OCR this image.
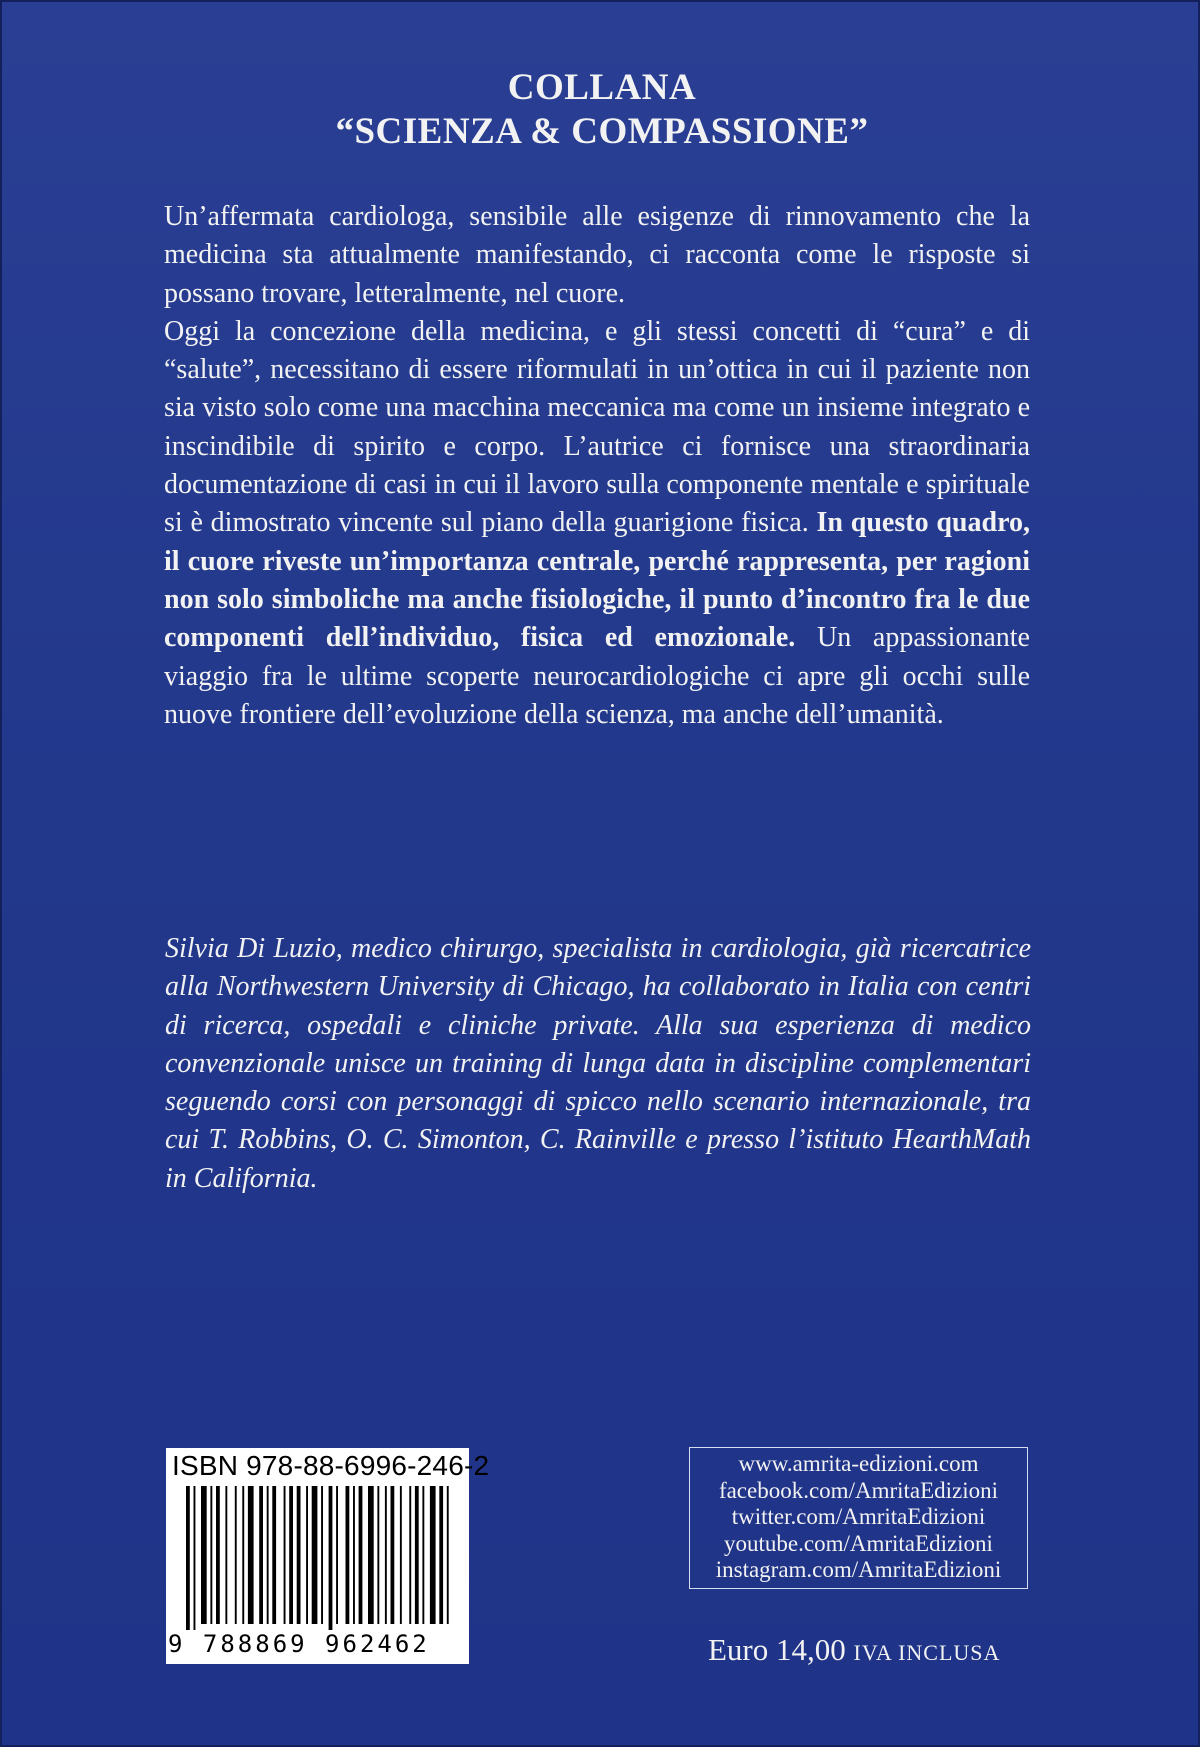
COLLANA
“SCIENZA & COMPASSIONE”

Un’affermata cardiologa, sensibile alle esigenze di rinnovamento che la medicina sta attualmente manifestando, ci racconta come le risposte si possano trovare, letteralmente, nel cuore.

Oggi la concezione della medicina, e gli stessi concetti di “cura” e di “salute”, necessitano di essere riformulati in un’ottica in cui il paziente non sia visto solo come una macchina meccanica ma come un insieme integrato e inscindibile di spirito e corpo. L’autrice ci fornisce una straordinaria documentazione di casi in cui il lavoro sulla componente mentale e spirituale si è dimostrato vincente sul piano della guarigione fisica. In questo quadro, il cuore riveste un’importanza centrale, perché rappresenta, per ragioni non solo simboliche ma anche fisiologiche, il punto d’incontro fra le due componenti dell’individuo, fisica ed emozionale. Un appassionante viaggio fra le ultime scoperte neurocardiologiche ci apre gli occhi sulle nuove frontiere dell’evoluzione della scienza, ma anche dell’umanità.

Silvia Di Luzio, medico chirurgo, specialista in cardiologia, già ricercatrice alla Northwestern University di Chicago, ha collaborato in Italia con centri di ricerca, ospedali e cliniche private. Alla sua esperienza di medico convenzionale unisce un training di lunga data in discipline complementari seguendo corsi con personaggi di spicco nello scenario internazionale, tra cui T. Robbins, O. C. Simonton, C. Rainville e presso l’istituto HearthMath in California.

ISBN 978-88-6996-246-2
9 788869 962462
www.amrita-edizioni.com
facebook.com/AmritaEdizioni
twitter.com/AmritaEdizioni
youtube.com/AmritaEdizioni
instagram.com/AmritaEdizioni
Euro 14,00 IVA INCLUSA
